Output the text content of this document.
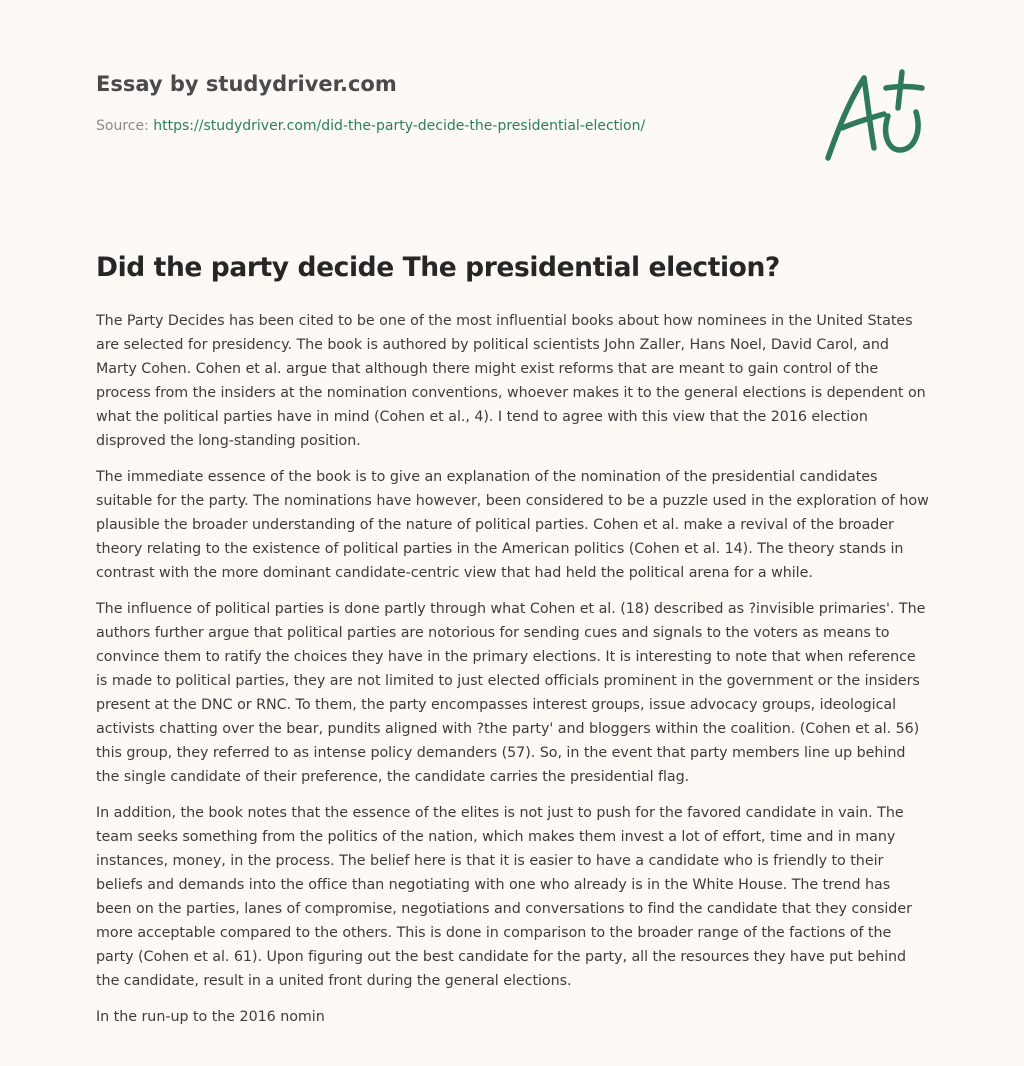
Essay by studydriver.com
Source: https://studydriver.com/did-the-party-decide-the-presidential-election/
Did the party decide The presidential election?

The Party Decides has been cited to be one of the most influential books about how nominees in the United States are selected for presidency. The book is authored by political scientists John Zaller, Hans Noel, David Carol, and Marty Cohen. Cohen et al. argue that although there might exist reforms that are meant to gain control of the process from the insiders at the nomination conventions, whoever makes it to the general elections is dependent on what the political parties have in mind (Cohen et al., 4). I tend to agree with this view that the 2016 election disproved the long-standing position.

The immediate essence of the book is to give an explanation of the nomination of the presidential candidates suitable for the party. The nominations have however, been considered to be a puzzle used in the exploration of how plausible the broader understanding of the nature of political parties. Cohen et al. make a revival of the broader theory relating to the existence of political parties in the American politics (Cohen et al. 14). The theory stands in contrast with the more dominant candidate-centric view that had held the political arena for a while.

The influence of political parties is done partly through what Cohen et al. (18) described as ?invisible primaries'. The authors further argue that political parties are notorious for sending cues and signals to the voters as means to convince them to ratify the choices they have in the primary elections. It is interesting to note that when reference is made to political parties, they are not limited to just elected officials prominent in the government or the insiders present at the DNC or RNC. To them, the party encompasses interest groups, issue advocacy groups, ideological activists chatting over the bear, pundits aligned with ?the party' and bloggers within the coalition. (Cohen et al. 56) this group, they referred to as intense policy demanders (57). So, in the event that party members line up behind the single candidate of their preference, the candidate carries the presidential flag.

In addition, the book notes that the essence of the elites is not just to push for the favored candidate in vain. The team seeks something from the politics of the nation, which makes them invest a lot of effort, time and in many instances, money, in the process. The belief here is that it is easier to have a candidate who is friendly to their beliefs and demands into the office than negotiating with one who already is in the White House. The trend has been on the parties, lanes of compromise, negotiations and conversations to find the candidate that they consider more acceptable compared to the others. This is done in comparison to the broader range of the factions of the party (Cohen et al. 61). Upon figuring out the best candidate for the party, all the resources they have put behind the candidate, result in a united front during the general elections.

In the run-up to the 2016 nomin
